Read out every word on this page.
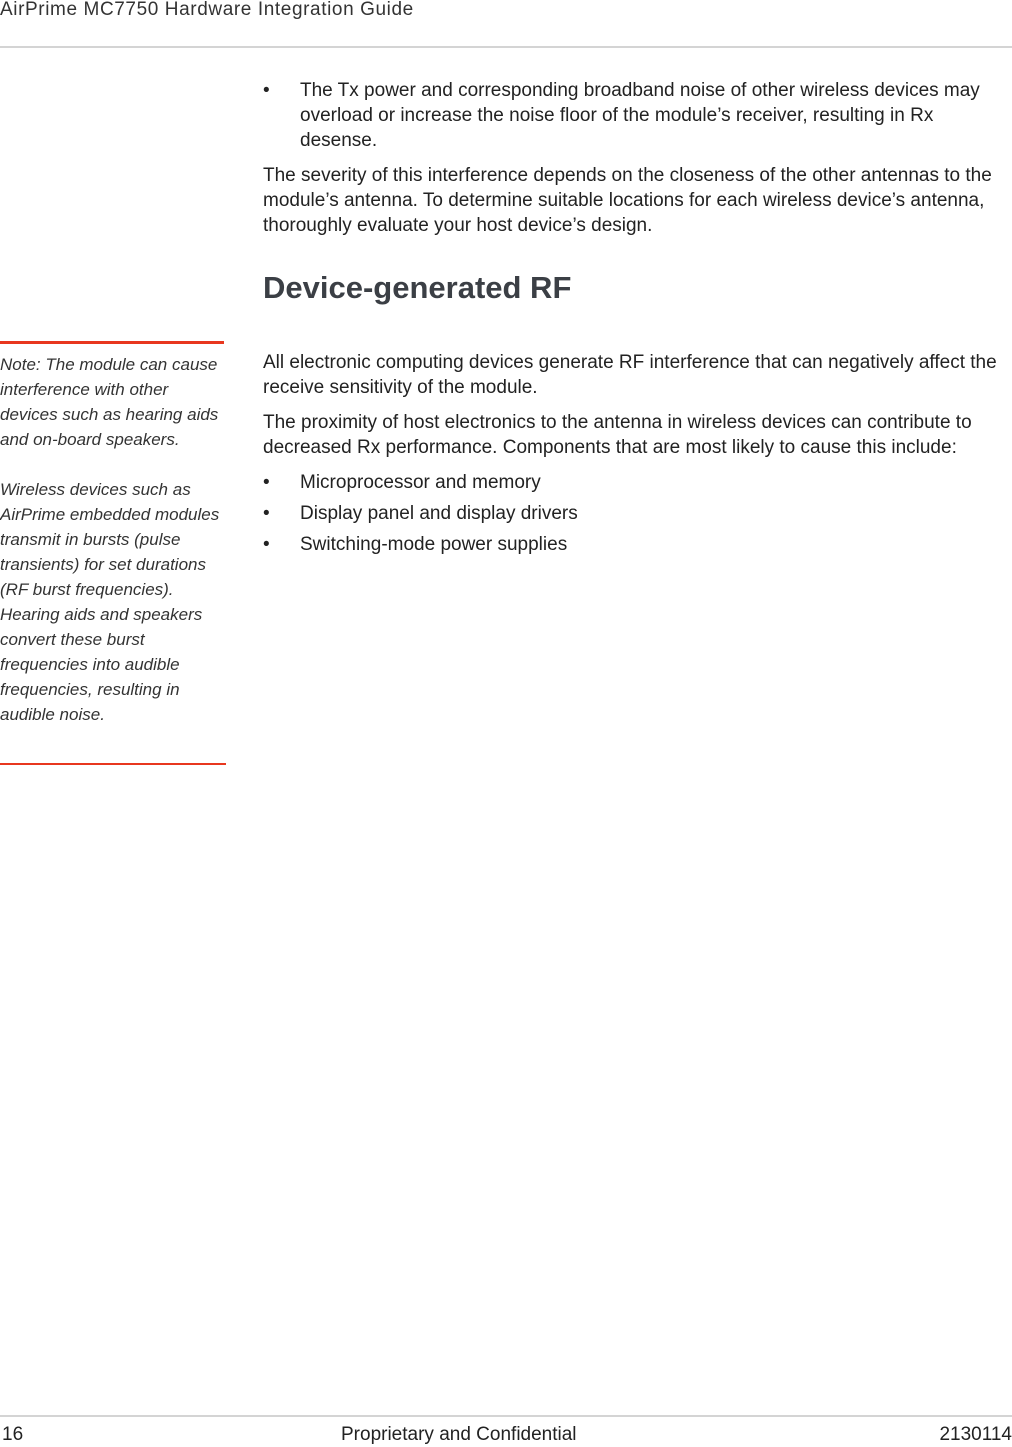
AirPrime MC7750 Hardware Integration Guide
• The Tx power and corresponding broadband noise of other wireless devices may overload or increase the noise floor of the module’s receiver, resulting in Rx desense.

The severity of this interference depends on the closeness of the other antennas to the module’s antenna. To determine suitable locations for each wireless device’s antenna, thoroughly evaluate your host device’s design.

Device-generated RF

Note: The module can cause interference with other devices such as hearing aids and on-board speakers.

Wireless devices such as AirPrime embedded modules transmit in bursts (pulse transients) for set durations (RF burst frequencies). Hearing aids and speakers convert these burst frequencies into audible frequencies, resulting in audible noise.

All electronic computing devices generate RF interference that can negatively affect the receive sensitivity of the module.

The proximity of host electronics to the antenna in wireless devices can contribute to decreased Rx performance. Components that are most likely to cause this include:

• Microprocessor and memory
• Display panel and display drivers
• Switching-mode power supplies
16	Proprietary and Confidential	2130114
